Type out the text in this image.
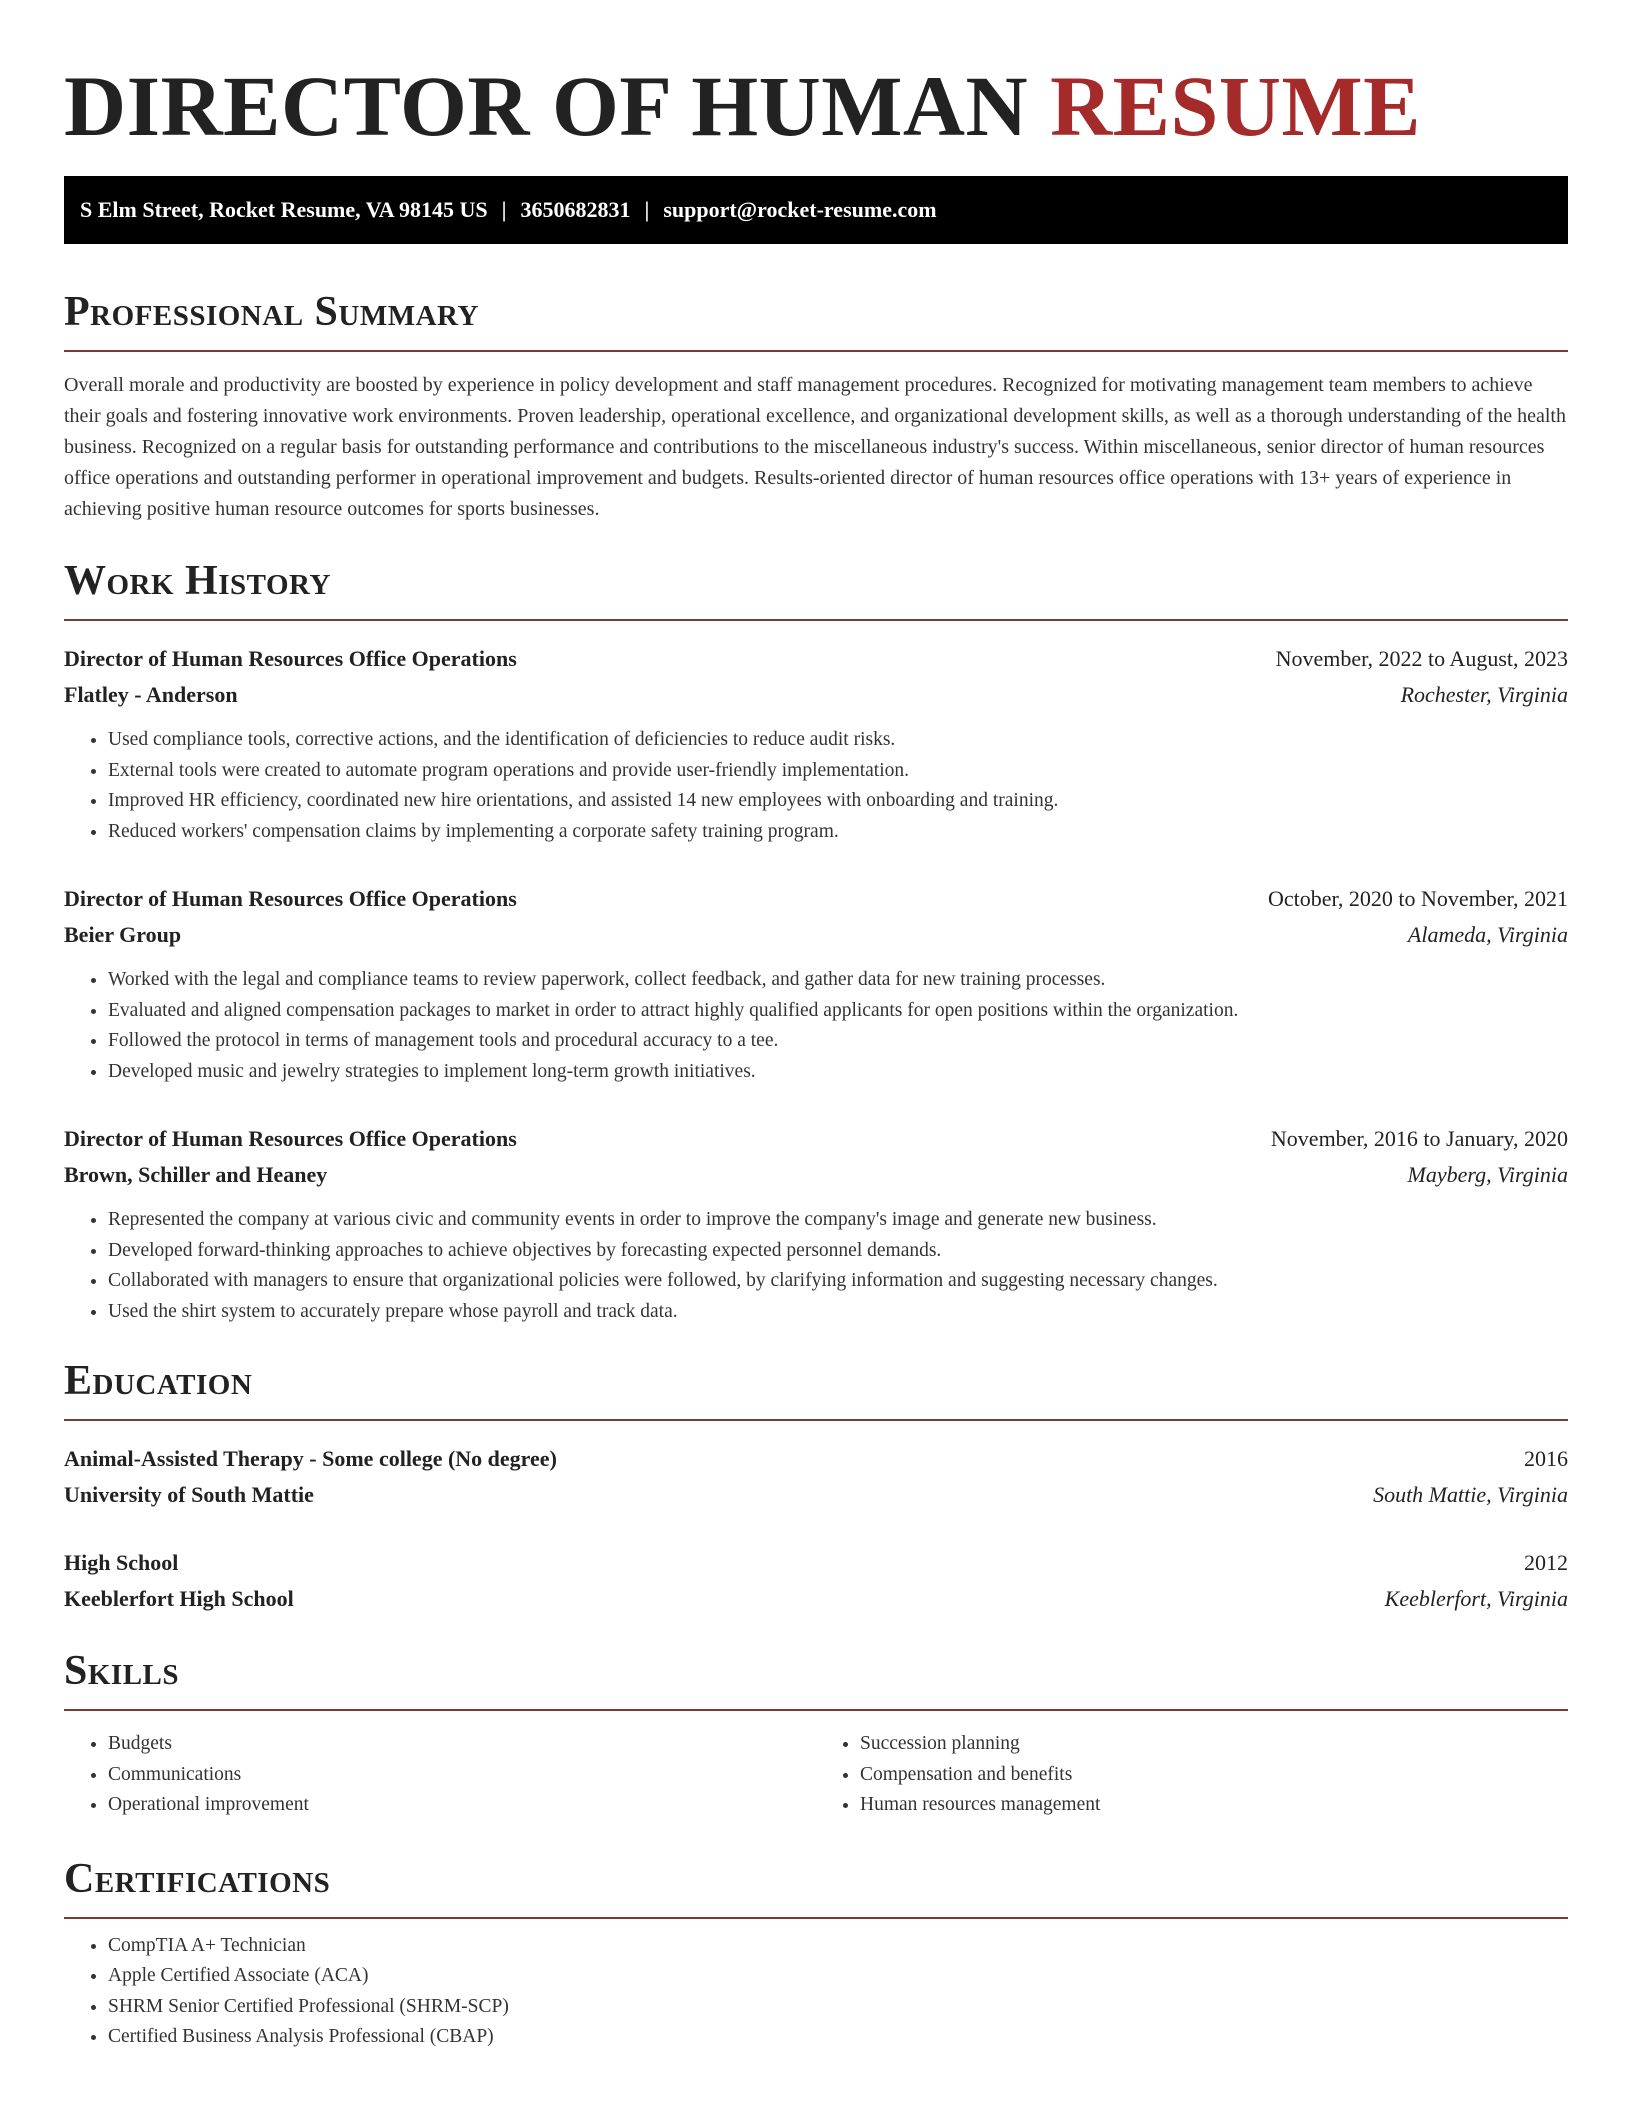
DIRECTOR OF HUMAN RESUME
S Elm Street, Rocket Resume, VA 98145 US | 3650682831 | support@rocket-resume.com
Professional Summary

Overall morale and productivity are boosted by experience in policy development and staff management procedures. Recognized for motivating management team members to achieve their goals and fostering innovative work environments. Proven leadership, operational excellence, and organizational development skills, as well as a thorough understanding of the health business. Recognized on a regular basis for outstanding performance and contributions to the miscellaneous industry's success. Within miscellaneous, senior director of human resources office operations and outstanding performer in operational improvement and budgets. Results-oriented director of human resources office operations with 13+ years of experience in achieving positive human resource outcomes for sports businesses.

Work History
Director of Human Resources Office Operations	November, 2022 to August, 2023
Flatley - Anderson	Rochester, Virginia
• Used compliance tools, corrective actions, and the identification of deficiencies to reduce audit risks.
• External tools were created to automate program operations and provide user-friendly implementation.
• Improved HR efficiency, coordinated new hire orientations, and assisted 14 new employees with onboarding and training.
• Reduced workers' compensation claims by implementing a corporate safety training program.
Director of Human Resources Office Operations	October, 2020 to November, 2021
Beier Group	Alameda, Virginia
• Worked with the legal and compliance teams to review paperwork, collect feedback, and gather data for new training processes.
• Evaluated and aligned compensation packages to market in order to attract highly qualified applicants for open positions within the organization.
• Followed the protocol in terms of management tools and procedural accuracy to a tee.
• Developed music and jewelry strategies to implement long-term growth initiatives.
Director of Human Resources Office Operations	November, 2016 to January, 2020
Brown, Schiller and Heaney	Mayberg, Virginia
• Represented the company at various civic and community events in order to improve the company's image and generate new business.
• Developed forward-thinking approaches to achieve objectives by forecasting expected personnel demands.
• Collaborated with managers to ensure that organizational policies were followed, by clarifying information and suggesting necessary changes.
• Used the shirt system to accurately prepare whose payroll and track data.
Education
Animal-Assisted Therapy - Some college (No degree)	2016
University of South Mattie	South Mattie, Virginia
High School	2012
Keeblerfort High School	Keeblerfort, Virginia
Skills
• Budgets
• Communications
• Operational improvement
• Succession planning
• Compensation and benefits
• Human resources management
Certifications
• CompTIA A+ Technician
• Apple Certified Associate (ACA)
• SHRM Senior Certified Professional (SHRM-SCP)
• Certified Business Analysis Professional (CBAP)
